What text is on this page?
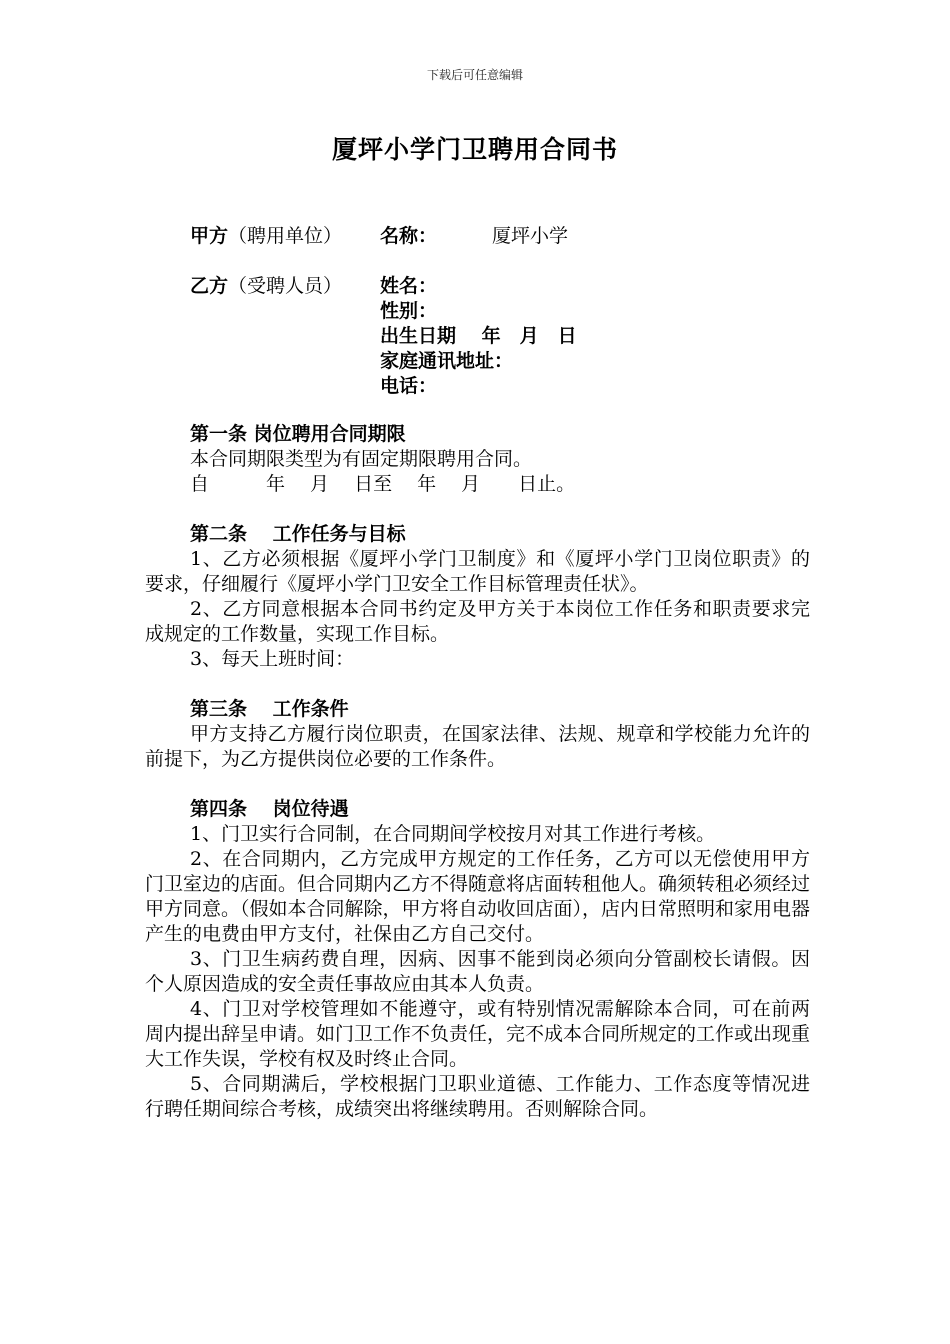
下载后可任意编辑
厦坪小学门卫聘用合同书
甲方（聘用单位） 名称：	厦坪小学
乙方（受聘人员） 姓名：
性别：
出生日期　 年　月　日
家庭通讯地址：
电话：
第一条 岗位聘用合同期限
本合同期限类型为有固定期限聘用合同。
自　　　年　 月　 日至　 年　 月　　日止。
第二条　 工作任务与目标
1、乙方必须根据《厦坪小学门卫制度》和《厦坪小学门卫岗位职责》的要求，仔细履行《厦坪小学门卫安全工作目标管理责任状》。
2、乙方同意根据本合同书约定及甲方关于本岗位工作任务和职责要求完成规定的工作数量，实现工作目标。
3、每天上班时间：
第三条　 工作条件
甲方支持乙方履行岗位职责，在国家法律、法规、规章和学校能力允许的前提下，为乙方提供岗位必要的工作条件。
第四条　 岗位待遇
1、门卫实行合同制，在合同期间学校按月对其工作进行考核。
2、在合同期内，乙方完成甲方规定的工作任务，乙方可以无偿使用甲方门卫室边的店面。但合同期内乙方不得随意将店面转租他人。确须转租必须经过甲方同意。（假如本合同解除，甲方将自动收回店面），店内日常照明和家用电器产生的电费由甲方支付，社保由乙方自己交付。
3、门卫生病药费自理，因病、因事不能到岗必须向分管副校长请假。因个人原因造成的安全责任事故应由其本人负责。
4、门卫对学校管理如不能遵守，或有特别情况需解除本合同，可在前两周内提出辞呈申请。如门卫工作不负责任，完不成本合同所规定的工作或出现重大工作失误，学校有权及时终止合同。
5、合同期满后，学校根据门卫职业道德、工作能力、工作态度等情况进行聘任期间综合考核，成绩突出将继续聘用。否则解除合同。
